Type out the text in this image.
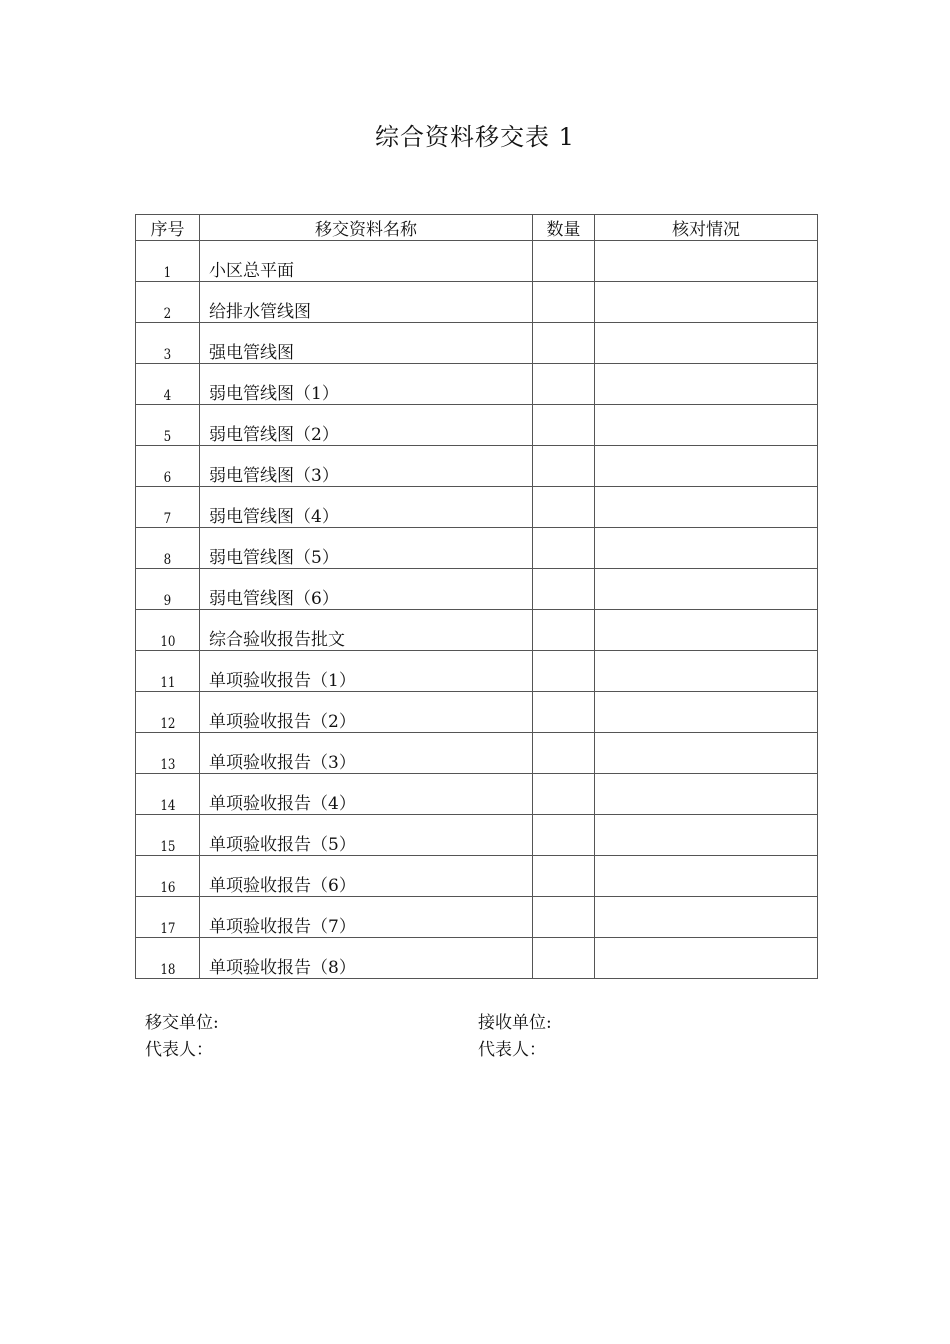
综合资料移交表 1
序号	移交资料名称	数量	核对情况
1	小区总平面		
2	给排水管线图		
3	强电管线图		
4	弱电管线图（1）		
5	弱电管线图（2）		
6	弱电管线图（3）		
7	弱电管线图（4）		
8	弱电管线图（5）		
9	弱电管线图（6）		
10	综合验收报告批文		
11	单项验收报告（1）		
12	单项验收报告（2）		
13	单项验收报告（3）		
14	单项验收报告（4）		
15	单项验收报告（5）		
16	单项验收报告（6）		
17	单项验收报告（7）		
18	单项验收报告（8）		
移交单位:
代表人：
接收单位:
代表人：
